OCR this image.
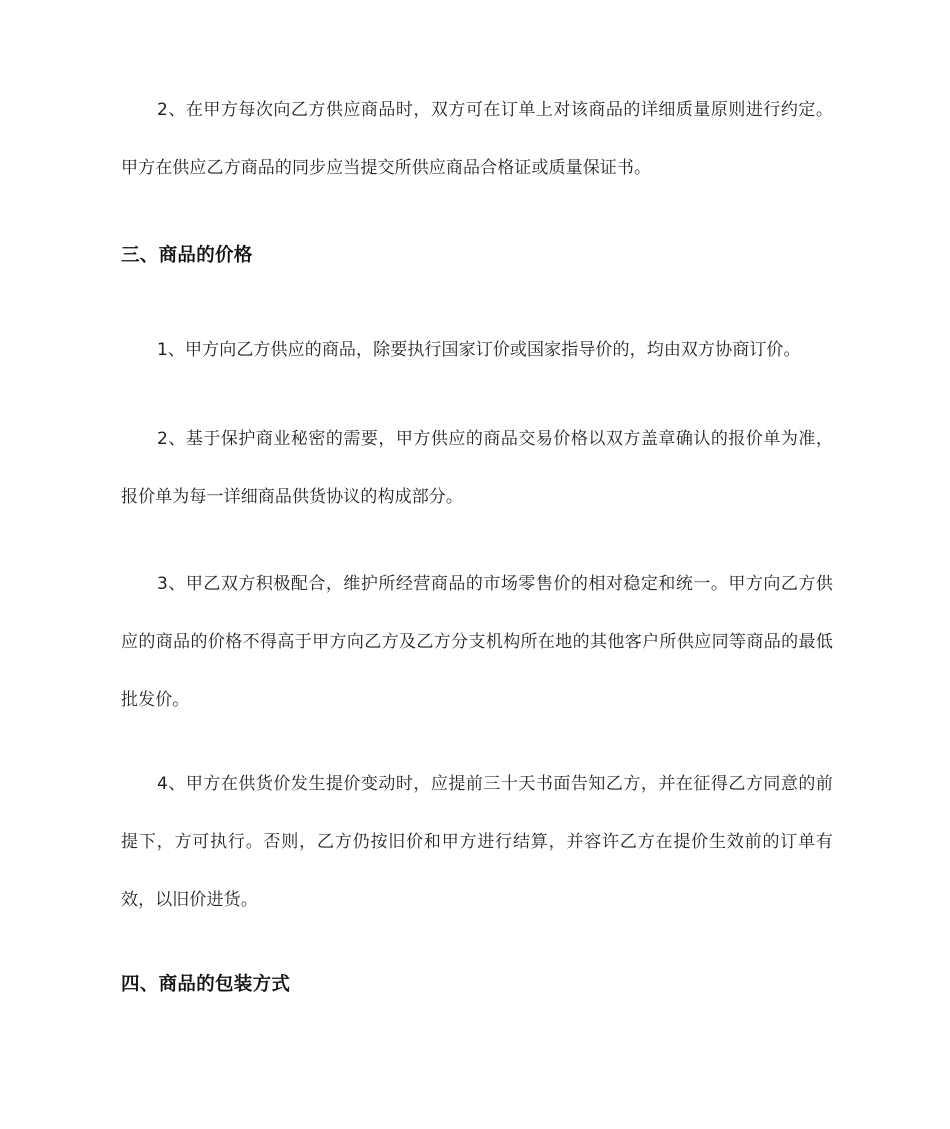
2、在甲方每次向乙方供应商品时，双方可在订单上对该商品的详细质量原则进行约定。甲方在供应乙方商品的同步应当提交所供应商品合格证或质量保证书。

三、商品的价格

1、甲方向乙方供应的商品，除要执行国家订价或国家指导价的，均由双方协商订价。

2、基于保护商业秘密的需要，甲方供应的商品交易价格以双方盖章确认的报价单为准，报价单为每一详细商品供货协议的构成部分。

3、甲乙双方积极配合，维护所经营商品的市场零售价的相对稳定和统一。甲方向乙方供应的商品的价格不得高于甲方向乙方及乙方分支机构所在地的其他客户所供应同等商品的最低批发价。

4、甲方在供货价发生提价变动时，应提前三十天书面告知乙方，并在征得乙方同意的前提下，方可执行。否则，乙方仍按旧价和甲方进行结算，并容许乙方在提价生效前的订单有效，以旧价进货。

四、商品的包装方式
